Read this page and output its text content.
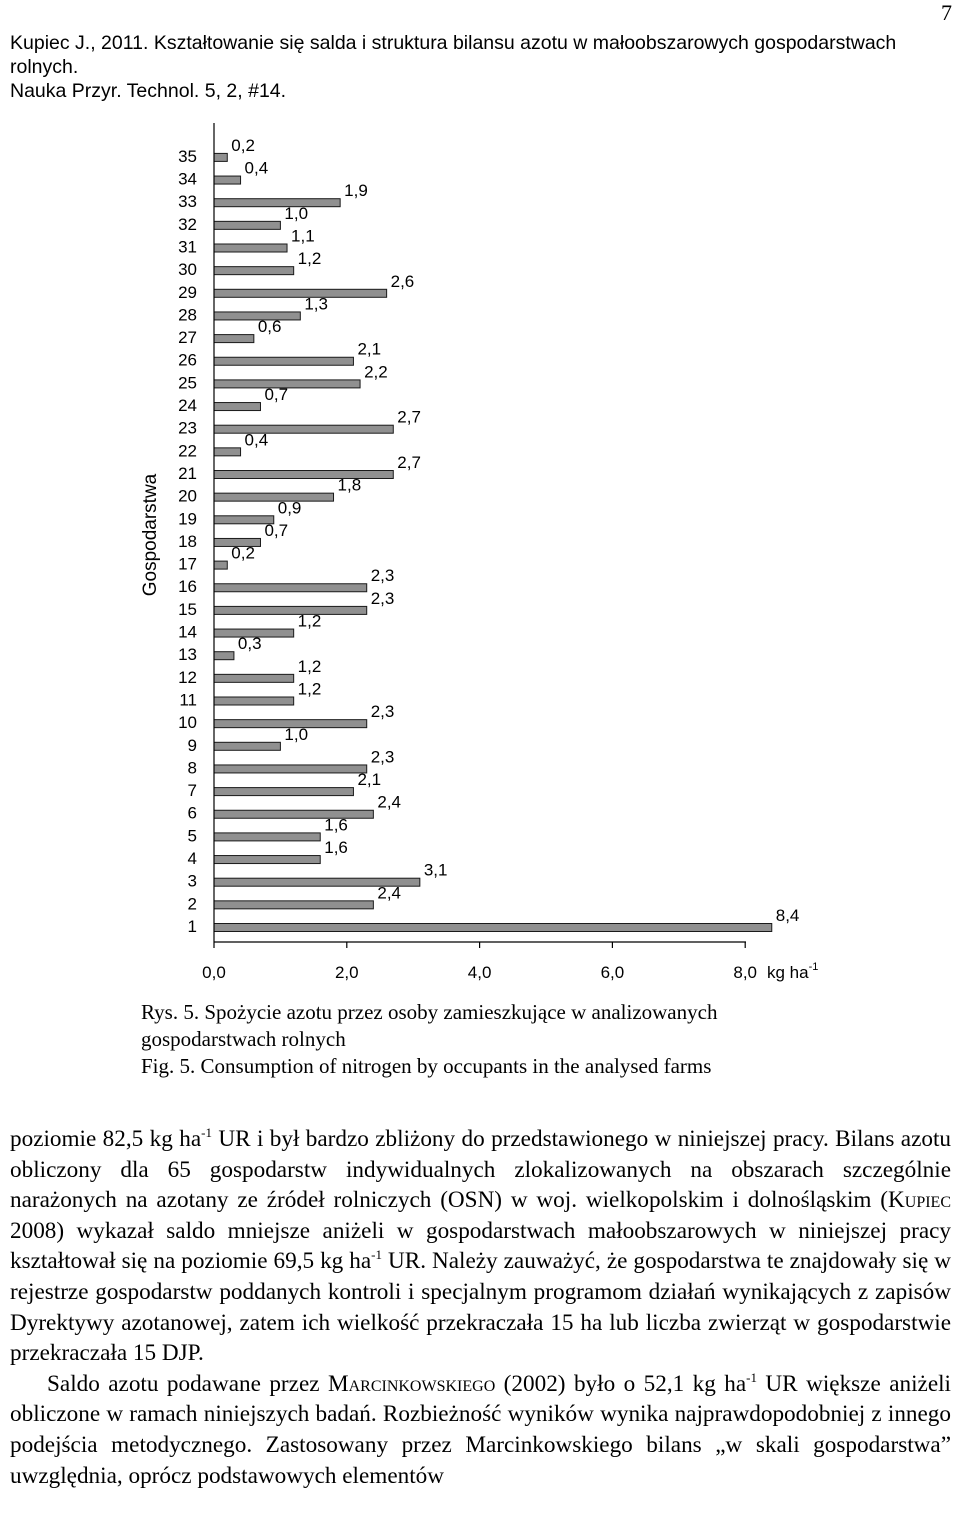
7
Kupiec J., 2011. Kształtowanie się salda i struktura bilansu azotu w małoobszarowych gospodarstwach rolnych.
Nauka Przyr. Technol. 5, 2, #14.
Gospodarstwa
1
2
3
4
5
6
7
8
9
10
11
12
13
14
15
16
17
18
19
20
21
22
23
24
25
26
27
28
29
30
31
32
33
34
35
8,4
2,4
3,1
1,6
1,6
2,4
2,1
2,3
1,0
2,3
1,2
1,2
0,3
1,2
2,3
2,3
0,2
0,7
0,9
1,8
2,7
0,4
2,7
0,7
2,2
2,1
0,6
1,3
2,6
1,2
1,1
1,0
1,9
0,4
0,2
0,0	2,0	4,0	6,0	8,0 kg $ha^{-1}$
Rys. 5. Spożycie azotu przez osoby zamieszkujące w analizowanych
gospodarstwach rolnych
Fig. 5. Consumption of nitrogen by occupants in the analysed farms

poziomie 82,5 kg $ha^{-1}$ UR i był bardzo zbliżony do przedstawionego w niniejszej pracy. Bilans azotu obliczony dla 65 gospodarstw indywidualnych zlokalizowanych na obszarach szczególnie narażonych na azotany ze źródeł rolniczych (OSN) w woj. wielkopolskim i dolnośląskim (Kupiec 2008) wykazał saldo mniejsze aniżeli w gospodarstwach małoobszarowych w niniejszej pracy kształtował się na poziomie 69,5 kg $ha^{-1}$ UR. Należy zauważyć, że gospodarstwa te znajdowały się w rejestrze gospodarstw poddanych kontroli i specjalnym programom działań wynikających z zapisów Dyrektywy azotanowej, zatem ich wielkość przekraczała 15 ha lub liczba zwierząt w gospodarstwie przekraczała 15 DJP.

Saldo azotu podawane przez Marcinkowskiego (2002) było o 52,1 kg $ha^{-1}$ UR większe aniżeli obliczone w ramach niniejszych badań. Rozbieżność wyników wynika najprawdopodobniej z innego podejścia metodycznego. Zastosowany przez Marcinkowskiego bilans „w skali gospodarstwa” uwzględnia, oprócz podstawowych elementów
